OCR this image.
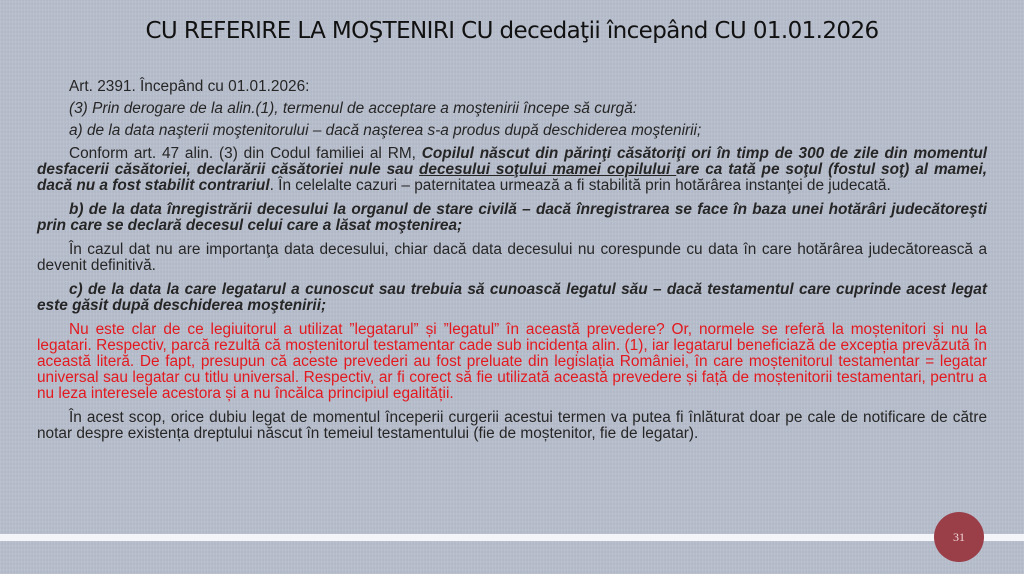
CU REFERIRE LA MOŞTENIRI CU decedaţii începând CU 01.01.2026
Art. 2391. Începând cu 01.01.2026:
(3) Prin derogare de la alin.(1), termenul de acceptare a moştenirii începe să curgă:
a) de la data naşterii moştenitorului – dacă naşterea s-a produs după deschiderea moştenirii;
Conform art. 47 alin. (3) din Codul familiei al RM, Copilul născut din părinţi căsătoriţi ori în timp de 300 de zile din momentul desfacerii căsătoriei, declarării căsătoriei nule sau decesului soţului mamei copilului are ca tată pe soţul (fostul soţ) al mamei, dacă nu a fost stabilit contrariul. În celelalte cazuri – paternitatea urmează a fi stabilită prin hotărârea instanţei de judecată.
b) de la data înregistrării decesului la organul de stare civilă – dacă înregistrarea se face în baza unei hotărâri judecătoreşti prin care se declară decesul celui care a lăsat moştenirea;
În cazul dat nu are importanţa data decesului, chiar dacă data decesului nu corespunde cu data în care hotărârea judecătorească a devenit definitivă.
c) de la data la care legatarul a cunoscut sau trebuia să cunoască legatul său – dacă testamentul care cuprinde acest legat este găsit după deschiderea moştenirii;
Nu este clar de ce legiuitorul a utilizat ”legatarul” și ”legatul” în această prevedere? Or, normele se referă la moștenitori și nu la legatari. Respectiv, parcă rezultă că moștenitorul testamentar cade sub incidența alin. (1), iar legatarul beneficiază de excepția prevăzută în această literă. De fapt, presupun că aceste prevederi au fost preluate din legislația României, în care moștenitorul testamentar = legatar universal sau legatar cu titlu universal. Respectiv, ar fi corect să fie utilizată această prevedere și față de moștenitorii testamentari, pentru a nu leza interesele acestora și a nu încălca principiul egalității.
În acest scop, orice dubiu legat de momentul începerii curgerii acestui termen va putea fi înlăturat doar pe cale de notificare de către notar despre existența dreptului născut în temeiul testamentului (fie de moștenitor, fie de legatar).
31
